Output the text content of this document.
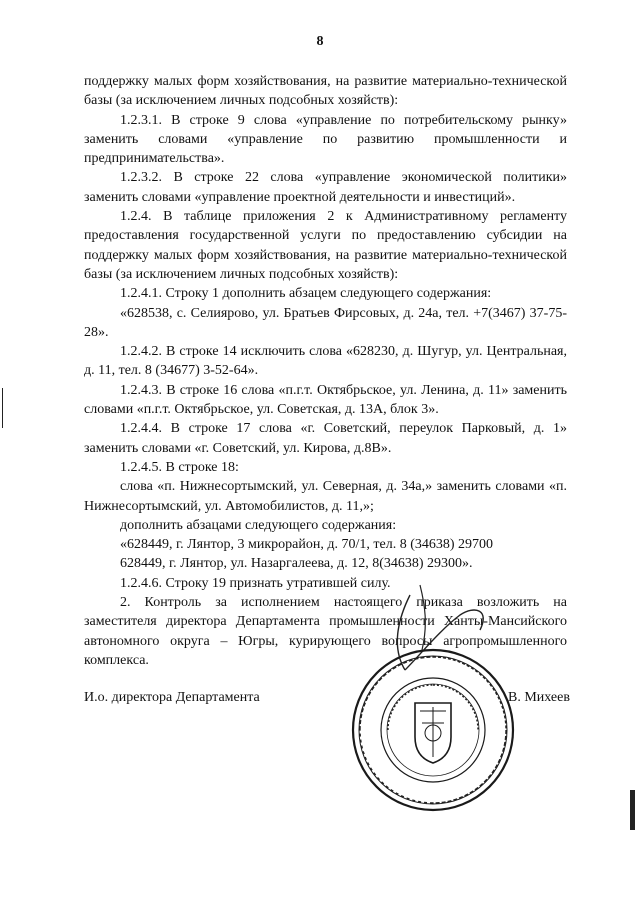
8

поддержку малых форм хозяйствования, на развитие материально-технической базы (за исключением личных подсобных хозяйств):

1.2.3.1. В строке 9 слова «управление по потребительскому рынку» заменить словами «управление по развитию промышленности и предпринимательства».

1.2.3.2. В строке 22 слова «управление экономической политики» заменить словами «управление проектной деятельности и инвестиций».

1.2.4. В таблице приложения 2 к Административному регламенту предоставления государственной услуги по предоставлению субсидии на поддержку малых форм хозяйствования, на развитие материально-технической базы (за исключением личных подсобных хозяйств):

1.2.4.1. Строку 1 дополнить абзацем следующего содержания:

«628538, с. Селиярово, ул. Братьев Фирсовых, д. 24а, тел. +7(3467) 37-75-28».

1.2.4.2. В строке 14 исключить слова «628230, д. Шугур, ул. Центральная, д. 11, тел. 8 (34677) 3-52-64».

1.2.4.3. В строке 16 слова «п.г.т. Октябрьское, ул. Ленина, д. 11» заменить словами «п.г.т. Октябрьское, ул. Советская, д. 13А, блок 3».

1.2.4.4. В строке 17 слова «г. Советский, переулок Парковый, д. 1» заменить словами «г. Советский, ул. Кирова, д.8В».

1.2.4.5. В строке 18:

слова «п. Нижнесортымский, ул. Северная, д. 34а,» заменить словами «п. Нижнесортымский, ул. Автомобилистов, д. 11,»;

дополнить абзацами следующего содержания:

«628449, г. Лянтор, 3 микрорайон, д. 70/1, тел. 8 (34638) 29700

628449, г. Лянтор, ул. Назаргалеева, д. 12, 8(34638) 29300».

1.2.4.6. Строку 19 признать утратившей силу.

2. Контроль за исполнением настоящего приказа возложить на заместителя директора Департамента промышленности Ханты-Мансийского автономного округа – Югры, курирующего вопросы агропромышленного комплекса.

И.о. директора Департамента	В. Михеев
